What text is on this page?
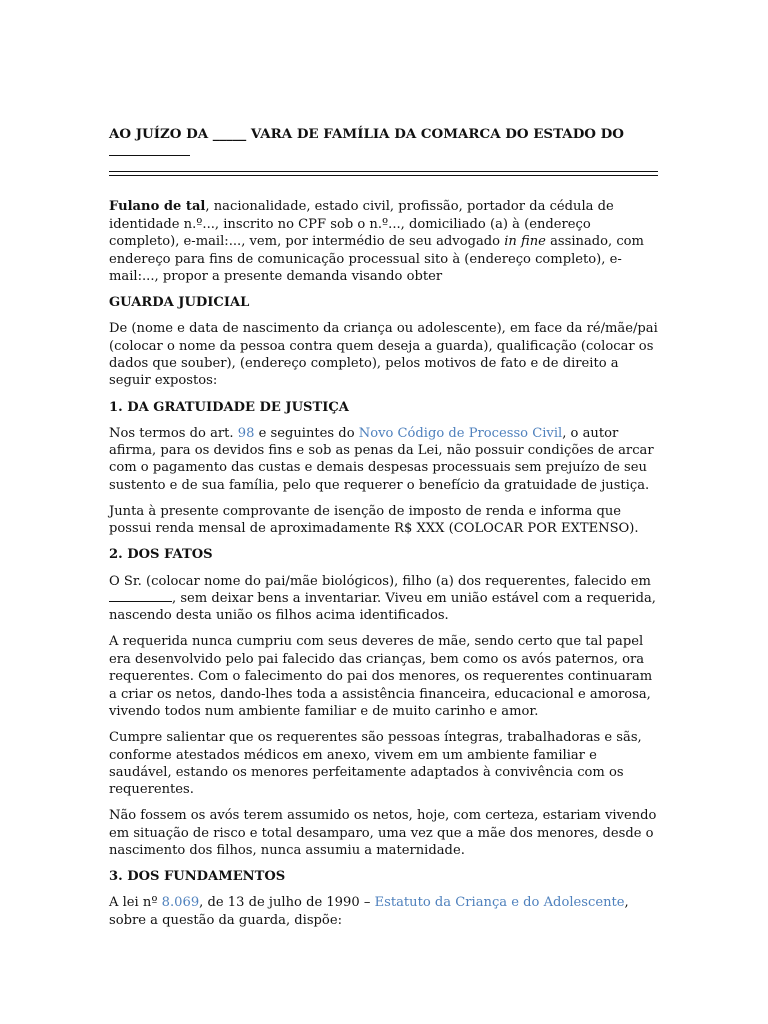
AO JUÍZO DA _____ VARA DE FAMÍLIA DA COMARCA DO ESTADO DO

Fulano de tal, nacionalidade, estado civil, profissão, portador da cédula de identidade n.º..., inscrito no CPF sob o n.º..., domiciliado (a) à (endereço completo), e-mail:..., vem, por intermédio de seu advogado in fine assinado, com endereço para fins de comunicação processual sito à (endereço completo), e-mail:..., propor a presente demanda visando obter

GUARDA JUDICIAL

De (nome e data de nascimento da criança ou adolescente), em face da ré/mãe/pai (colocar o nome da pessoa contra quem deseja a guarda), qualificação (colocar os dados que souber), (endereço completo), pelos motivos de fato e de direito a seguir expostos:

1. DA GRATUIDADE DE JUSTIÇA

Nos termos do art. 98 e seguintes do Novo Código de Processo Civil, o autor afirma, para os devidos fins e sob as penas da Lei, não possuir condições de arcar com o pagamento das custas e demais despesas processuais sem prejuízo de seu sustento e de sua família, pelo que requerer o benefício da gratuidade de justiça.

Junta à presente comprovante de isenção de imposto de renda e informa que possui renda mensal de aproximadamente R$ XXX (COLOCAR POR EXTENSO).

2. DOS FATOS

O Sr. (colocar nome do pai/mãe biológicos), filho (a) dos requerentes, falecido em , sem deixar bens a inventariar. Viveu em união estável com a requerida, nascendo desta união os filhos acima identificados.

A requerida nunca cumpriu com seus deveres de mãe, sendo certo que tal papel era desenvolvido pelo pai falecido das crianças, bem como os avós paternos, ora requerentes. Com o falecimento do pai dos menores, os requerentes continuaram a criar os netos, dando-lhes toda a assistência financeira, educacional e amorosa, vivendo todos num ambiente familiar e de muito carinho e amor.

Cumpre salientar que os requerentes são pessoas íntegras, trabalhadoras e sãs, conforme atestados médicos em anexo, vivem em um ambiente familiar e saudável, estando os menores perfeitamente adaptados à convivência com os requerentes.

Não fossem os avós terem assumido os netos, hoje, com certeza, estariam vivendo em situação de risco e total desamparo, uma vez que a mãe dos menores, desde o nascimento dos filhos, nunca assumiu a maternidade.

3. DOS FUNDAMENTOS

A lei nº 8.069, de 13 de julho de 1990 – Estatuto da Criança e do Adolescente, sobre a questão da guarda, dispõe:
